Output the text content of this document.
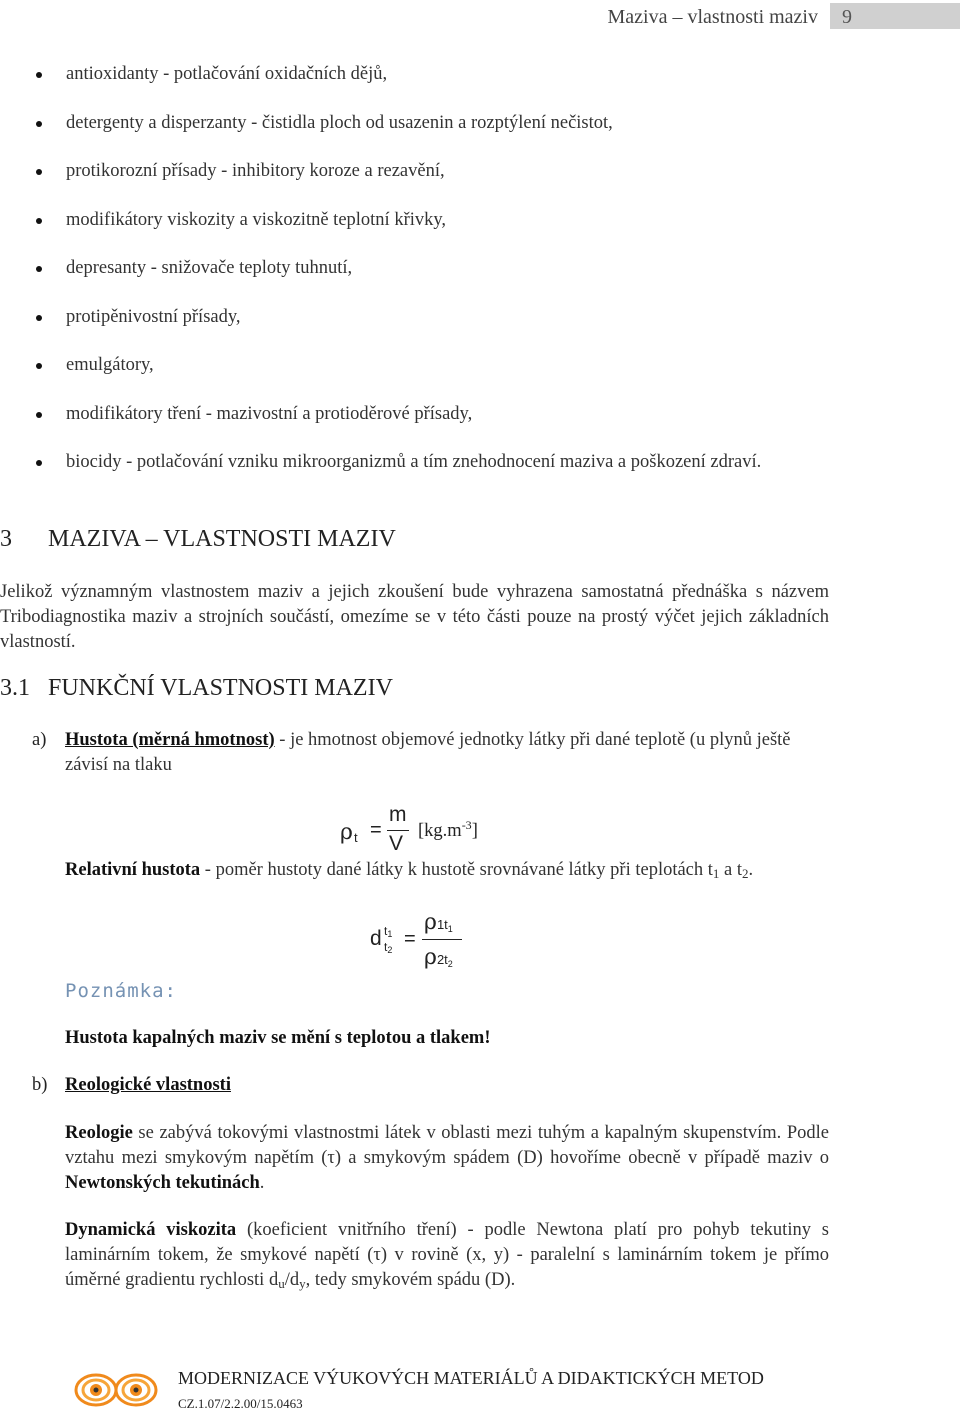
Maziva – vlastnosti maziv	9
antioxidanty - potlačování oxidačních dějů,
detergenty a disperzanty - čistidla ploch od usazenin a rozptýlení nečistot,
protikorozní přísady - inhibitory koroze a rezavění,
modifikátory viskozity a viskozitně teplotní křivky,
depresanty - snižovače teploty tuhnutí,
protipěnivostní přísady,
emulgátory,
modifikátory tření - mazivostní a protioděrové přísady,
biocidy - potlačování vzniku mikroorganizmů a tím znehodnocení maziva a poškození zdraví.
3 MAZIVA – VLASTNOSTI MAZIV
Jelikož významným vlastnostem maziv a jejich zkoušení bude vyhrazena samostatná přednáška s názvem Tribodiagnostika maziv a strojních součástí, omezíme se v této části pouze na prostý výčet jejich základních vlastností.
3.1 FUNKČNÍ VLASTNOSTI MAZIV
a) Hustota (měrná hmotnost) - je hmotnost objemové jednotky látky při dané teplotě (u plynů ještě závisí na tlaku
ρ t =
m
V
$[kg.m^{-3}]$
Relativní hustota - poměr hustoty dané látky k hustotě srovnávané látky při teplotách $t_1$ a $t_2$.
d t1
t2 =
ρ1t1
ρ2t2
Poznámka:
Hustota kapalných maziv se mění s teplotou a tlakem!
b) Reologické vlastnosti
Reologie se zabývá tokovými vlastnostmi látek v oblasti mezi tuhým a kapalným skupenstvím. Podle vztahu mezi smykovým napětím (τ) a smykovým spádem (D) hovoříme obecně v případě maziv o Newtonských tekutinách.
Dynamická viskozita (koeficient vnitřního tření) - podle Newtona platí pro pohyb tekutiny s laminárním tokem, že smykové napětí (τ) v rovině (x, y) - paralelní s laminárním tokem je přímo úměrné gradientu rychlosti $d_u/d_y$, tedy smykovém spádu (D).
MODERNIZACE VÝUKOVÝCH MATERIÁLŮ A DIDAKTICKÝCH METOD
CZ.1.07/2.2.00/15.0463
